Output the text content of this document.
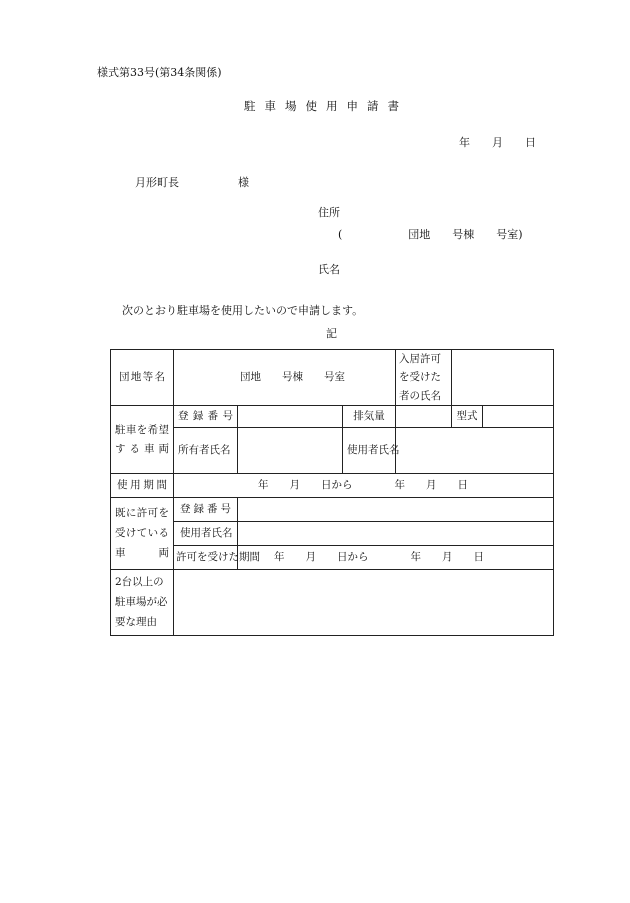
様式第33号(第34条関係)
駐車場使用申請書
年　　月　　日
月形町長	様
住所
(　　　　　　団地　　号棟　　号室)
氏名
次のとおり駐車場を使用したいので申請します。
記
団地等名	団地　　号棟　　号室			入居許可を受けた者の氏名		
駐車を希望する車両	登録番号		排気量		型式	
	所有者氏名		使用者氏名			
使用期間	年　　月　　日から　　　　年　　月　　日					

既に許可を
受けている
車　　両	登録番号					
	使用者氏名					
	許可を受けた期間	年　　月　　日から　　　　年　　月　　日				
2台以上の駐車場が必要な理由						
